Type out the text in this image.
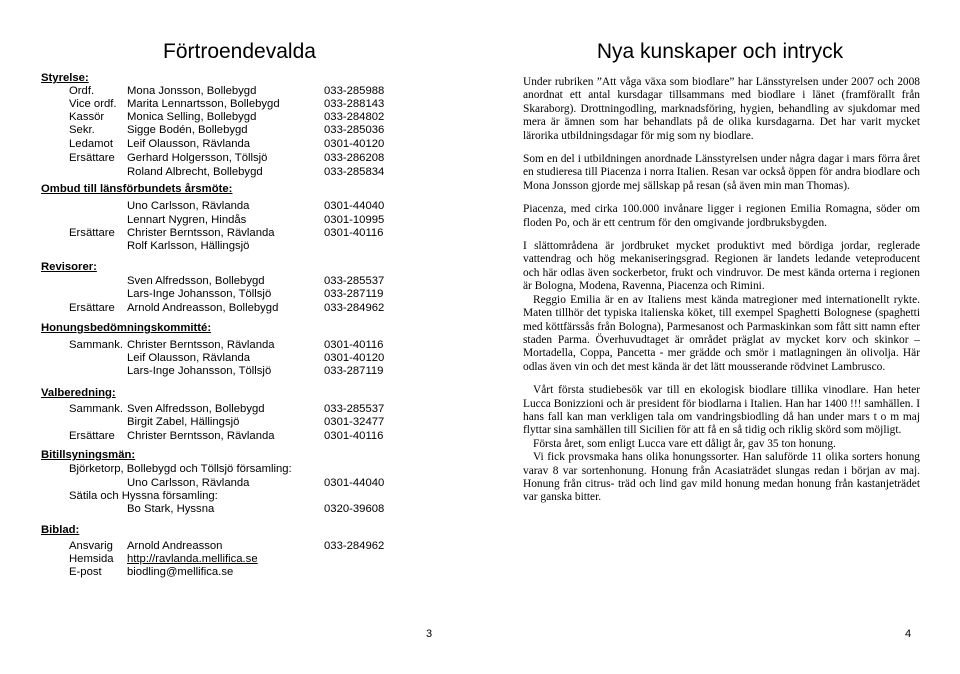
Förtroendevalda
Styrelse:
Ordf.	Mona Jonsson, Bollebygd	033-285988
Vice ordf. Marita Lennartsson, Bollebygd	033-288143
Kassör Monica Selling, Bollebygd	033-284802
Sekr.	Sigge Bodén, Bollebygd	033-285036
Ledamot Leif Olausson, Rävlanda	0301-40120
Ersättare Gerhard Holgersson, Töllsjö	033-286208
Roland Albrecht, Bollebygd	033-285834
Ombud till länsförbundets årsmöte:
Uno Carlsson, Rävlanda	0301-44040
Lennart Nygren, Hindås	0301-10995
Ersättare Christer Berntsson, Rävlanda	0301-40116
Rolf Karlsson, Hällingsjö
Revisorer:
Sven Alfredsson, Bollebygd	033-285537
Lars-Inge Johansson, Töllsjö	033-287119
Ersättare Arnold Andreasson, Bollebygd	033-284962
Honungsbedömningskommitté:
Sammank. Christer Berntsson, Rävlanda	0301-40116
Leif Olausson, Rävlanda	0301-40120
Lars-Inge Johansson, Töllsjö	033-287119
Valberedning:
Sammank. Sven Alfredsson, Bollebygd	033-285537
Birgit Zabel, Hällingsjö	0301-32477
Ersättare Christer Berntsson, Rävlanda	0301-40116
Bitillsyningsmän:
Björketorp, Bollebygd och Töllsjö församling:
Uno Carlsson, Rävlanda	0301-44040
Sätila och Hyssna församling:
Bo Stark, Hyssna	0320-39608
Biblad:
Ansvarig Arnold Andreasson	033-284962
Hemsida http://ravlanda.mellifica.se
E-post biodling@mellifica.se
3
Nya kunskaper och intryck

Under rubriken ”Att våga växa som biodlare” har Länsstyrelsen under 2007 och 2008 anordnat ett antal kursdagar tillsammans med biodlare i länet (framförallt från Skaraborg). Drottningodling, marknadsföring, hygien, behandling av sjukdomar med mera är ämnen som har behandlats på de olika kursdagarna. Det har varit mycket lärorika utbildningsdagar för mig som ny biodlare.

Som en del i utbildningen anordnade Länsstyrelsen under några dagar i mars förra året en studieresa till Piacenza i norra Italien. Resan var också öppen för andra biodlare och Mona Jonsson gjorde mej sällskap på resan (så även min man Thomas).

Piacenza, med cirka 100.000 invånare ligger i regionen Emilia Romagna, söder om floden Po, och är ett centrum för den omgivande jordbruksbygden.

I slättområdena är jordbruket mycket produktivt med bördiga jordar, reglerade vattendrag och hög mekaniseringsgrad. Regionen är landets ledande veteproducent och här odlas även sockerbetor, frukt och vindruvor. De mest kända orterna i regionen är Bologna, Modena, Ravenna, Piacenza och Rimini.

Reggio Emilia är en av Italiens mest kända matregioner med internationellt rykte. Maten tillhör det typiska italienska köket, till exempel Spaghetti Bolognese (spaghetti med köttfärssås från Bologna), Parmesanost och Parmaskinkan som fått sitt namn efter staden Parma. Överhuvudtaget är området präglat av mycket korv och skinkor – Mortadella, Coppa, Pancetta - mer grädde och smör i matlagningen än olivolja. Här odlas även vin och det mest kända är det lätt mousserande rödvinet Lambrusco.

Vårt första studiebesök var till en ekologisk biodlare tillika vinodlare. Han heter Lucca Bonizzioni och är president för biodlarna i Italien. Han har 1400 !!! samhällen. I hans fall kan man verkligen tala om vandringsbiodling då han under mars t o m maj flyttar sina samhällen till Sicilien för att få en så tidig och riklig skörd som möjligt.

Första året, som enligt Lucca vare ett dåligt år, gav 35 ton honung.

Vi fick provsmaka hans olika honungssorter. Han saluförde 11 olika sorters honung varav 8 var sortenhonung. Honung från Acasiaträdet slungas redan i början av maj. Honung från citrus- träd och lind gav mild honung medan honung från kastanjeträdet var ganska bitter.

4
